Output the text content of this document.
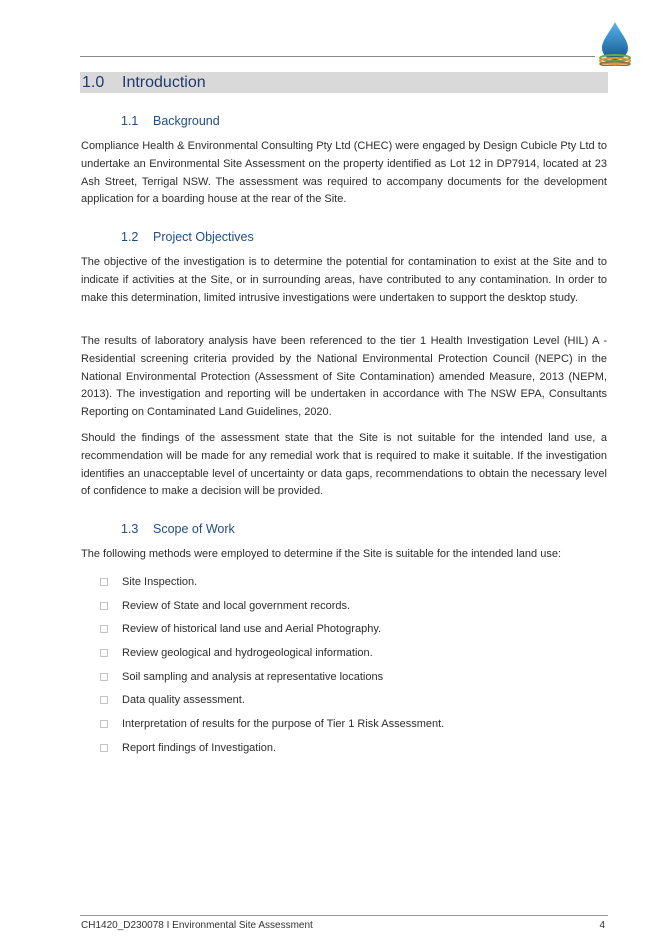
1.0	Introduction
1.1	Background

Compliance Health & Environmental Consulting Pty Ltd (CHEC) were engaged by Design Cubicle Pty Ltd to undertake an Environmental Site Assessment on the property identified as Lot 12 in DP7914, located at 23 Ash Street, Terrigal NSW. The assessment was required to accompany documents for the development application for a boarding house at the rear of the Site.

1.2	Project Objectives

The objective of the investigation is to determine the potential for contamination to exist at the Site and to indicate if activities at the Site, or in surrounding areas, have contributed to any contamination. In order to make this determination, limited intrusive investigations were undertaken to support the desktop study.

The results of laboratory analysis have been referenced to the tier 1 Health Investigation Level (HIL) A - Residential screening criteria provided by the National Environmental Protection Council (NEPC) in the National Environmental Protection (Assessment of Site Contamination) amended Measure, 2013 (NEPM, 2013). The investigation and reporting will be undertaken in accordance with The NSW EPA, Consultants Reporting on Contaminated Land Guidelines, 2020.

Should the findings of the assessment state that the Site is not suitable for the intended land use, a recommendation will be made for any remedial work that is required to make it suitable. If the investigation identifies an unacceptable level of uncertainty or data gaps, recommendations to obtain the necessary level of confidence to make a decision will be provided.

1.3	Scope of Work

The following methods were employed to determine if the Site is suitable for the intended land use:

Site Inspection.
Review of State and local government records.
Review of historical land use and Aerial Photography.
Review geological and hydrogeological information.
Soil sampling and analysis at representative locations
Data quality assessment.
Interpretation of results for the purpose of Tier 1 Risk Assessment.
Report findings of Investigation.
CH1420_D230078 I Environmental Site Assessment	4
